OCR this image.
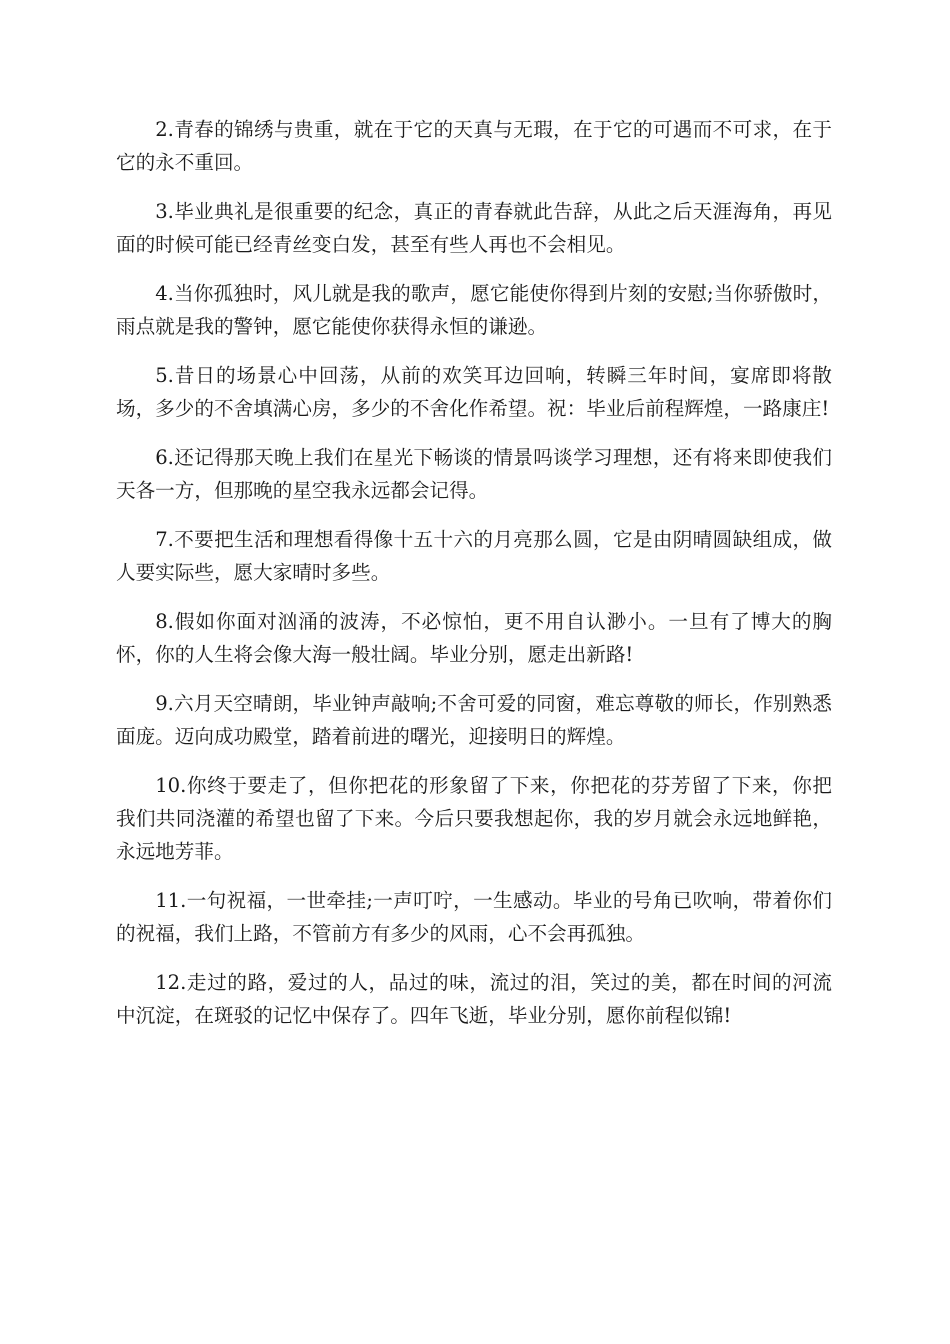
2.青春的锦绣与贵重，就在于它的天真与无瑕，在于它的可遇而不可求，在于它的永不重回。

3.毕业典礼是很重要的纪念，真正的青春就此告辞，从此之后天涯海角，再见面的时候可能已经青丝变白发，甚至有些人再也不会相见。

4.当你孤独时，风儿就是我的歌声，愿它能使你得到片刻的安慰;当你骄傲时，雨点就是我的警钟，愿它能使你获得永恒的谦逊。

5.昔日的场景心中回荡，从前的欢笑耳边回响，转瞬三年时间，宴席即将散场，多少的不舍填满心房，多少的不舍化作希望。祝：毕业后前程辉煌，一路康庄!

6.还记得那天晚上我们在星光下畅谈的情景吗谈学习理想，还有将来即使我们天各一方，但那晚的星空我永远都会记得。

7.不要把生活和理想看得像十五十六的月亮那么圆，它是由阴晴圆缺组成，做人要实际些，愿大家晴时多些。

8.假如你面对汹涌的波涛，不必惊怕，更不用自认渺小。一旦有了博大的胸怀，你的人生将会像大海一般壮阔。毕业分别，愿走出新路!

9.六月天空晴朗，毕业钟声敲响;不舍可爱的同窗，难忘尊敬的师长，作别熟悉面庞。迈向成功殿堂，踏着前进的曙光，迎接明日的辉煌。

10.你终于要走了，但你把花的形象留了下来，你把花的芬芳留了下来，你把我们共同浇灌的希望也留了下来。今后只要我想起你，我的岁月就会永远地鲜艳，永远地芳菲。

11.一句祝福，一世牵挂;一声叮咛，一生感动。毕业的号角已吹响，带着你们的祝福，我们上路，不管前方有多少的风雨，心不会再孤独。

12.走过的路，爱过的人，品过的味，流过的泪，笑过的美，都在时间的河流中沉淀，在斑驳的记忆中保存了。四年飞逝，毕业分别，愿你前程似锦!
